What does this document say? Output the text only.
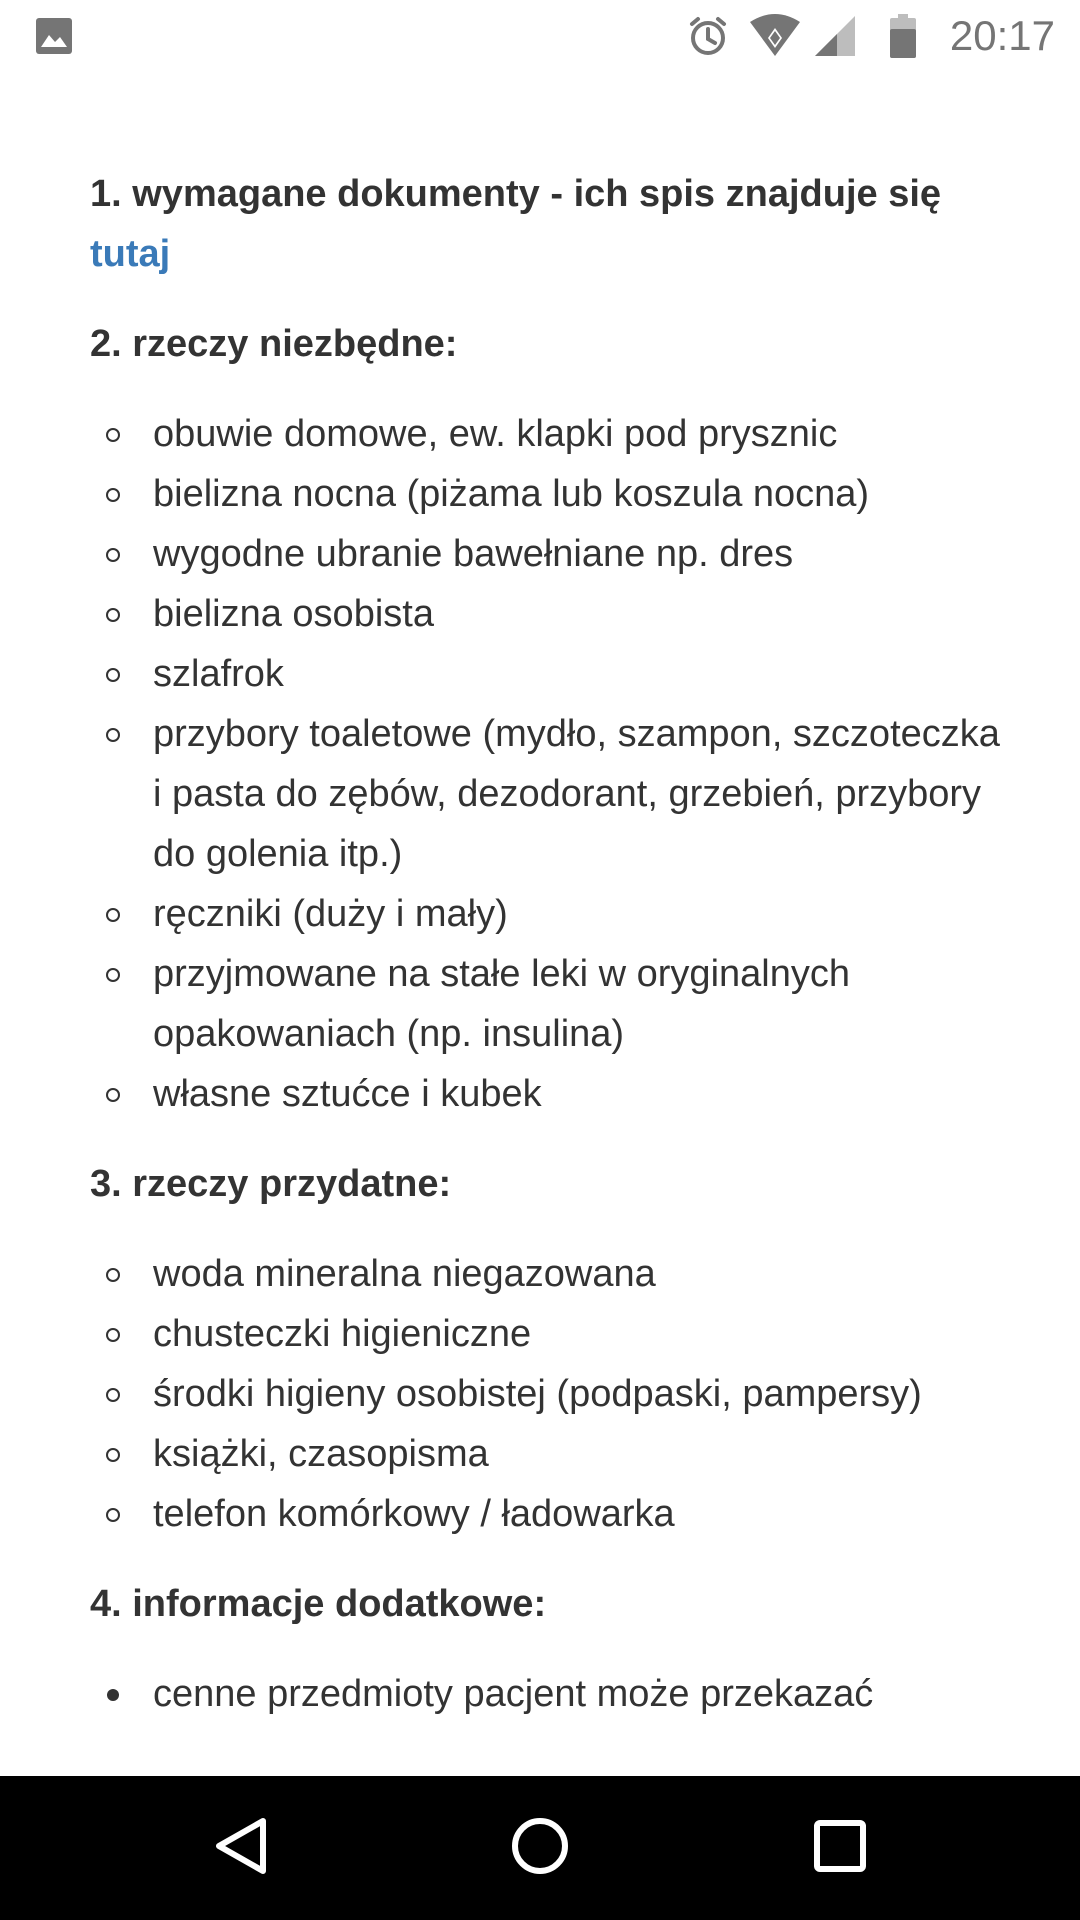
20:17

1. wymagane dokumenty - ich spis znajduje się
tutaj

2. rzeczy niezbędne:

obuwie domowe, ew. klapki pod prysznic
bielizna nocna (piżama lub koszula nocna)
wygodne ubranie bawełniane np. dres
bielizna osobista
szlafrok
przybory toaletowe (mydło, szampon, szczoteczka i pasta do zębów, dezodorant, grzebień, przybory do golenia itp.)
ręczniki (duży i mały)
przyjmowane na stałe leki w oryginalnych opakowaniach (np. insulina)
własne sztućce i kubek

3. rzeczy przydatne:

woda mineralna niegazowana
chusteczki higieniczne
środki higieny osobistej (podpaski, pampersy)
książki, czasopisma
telefon komórkowy / ładowarka

4. informacje dodatkowe:

cenne przedmioty pacjent może przekazać
